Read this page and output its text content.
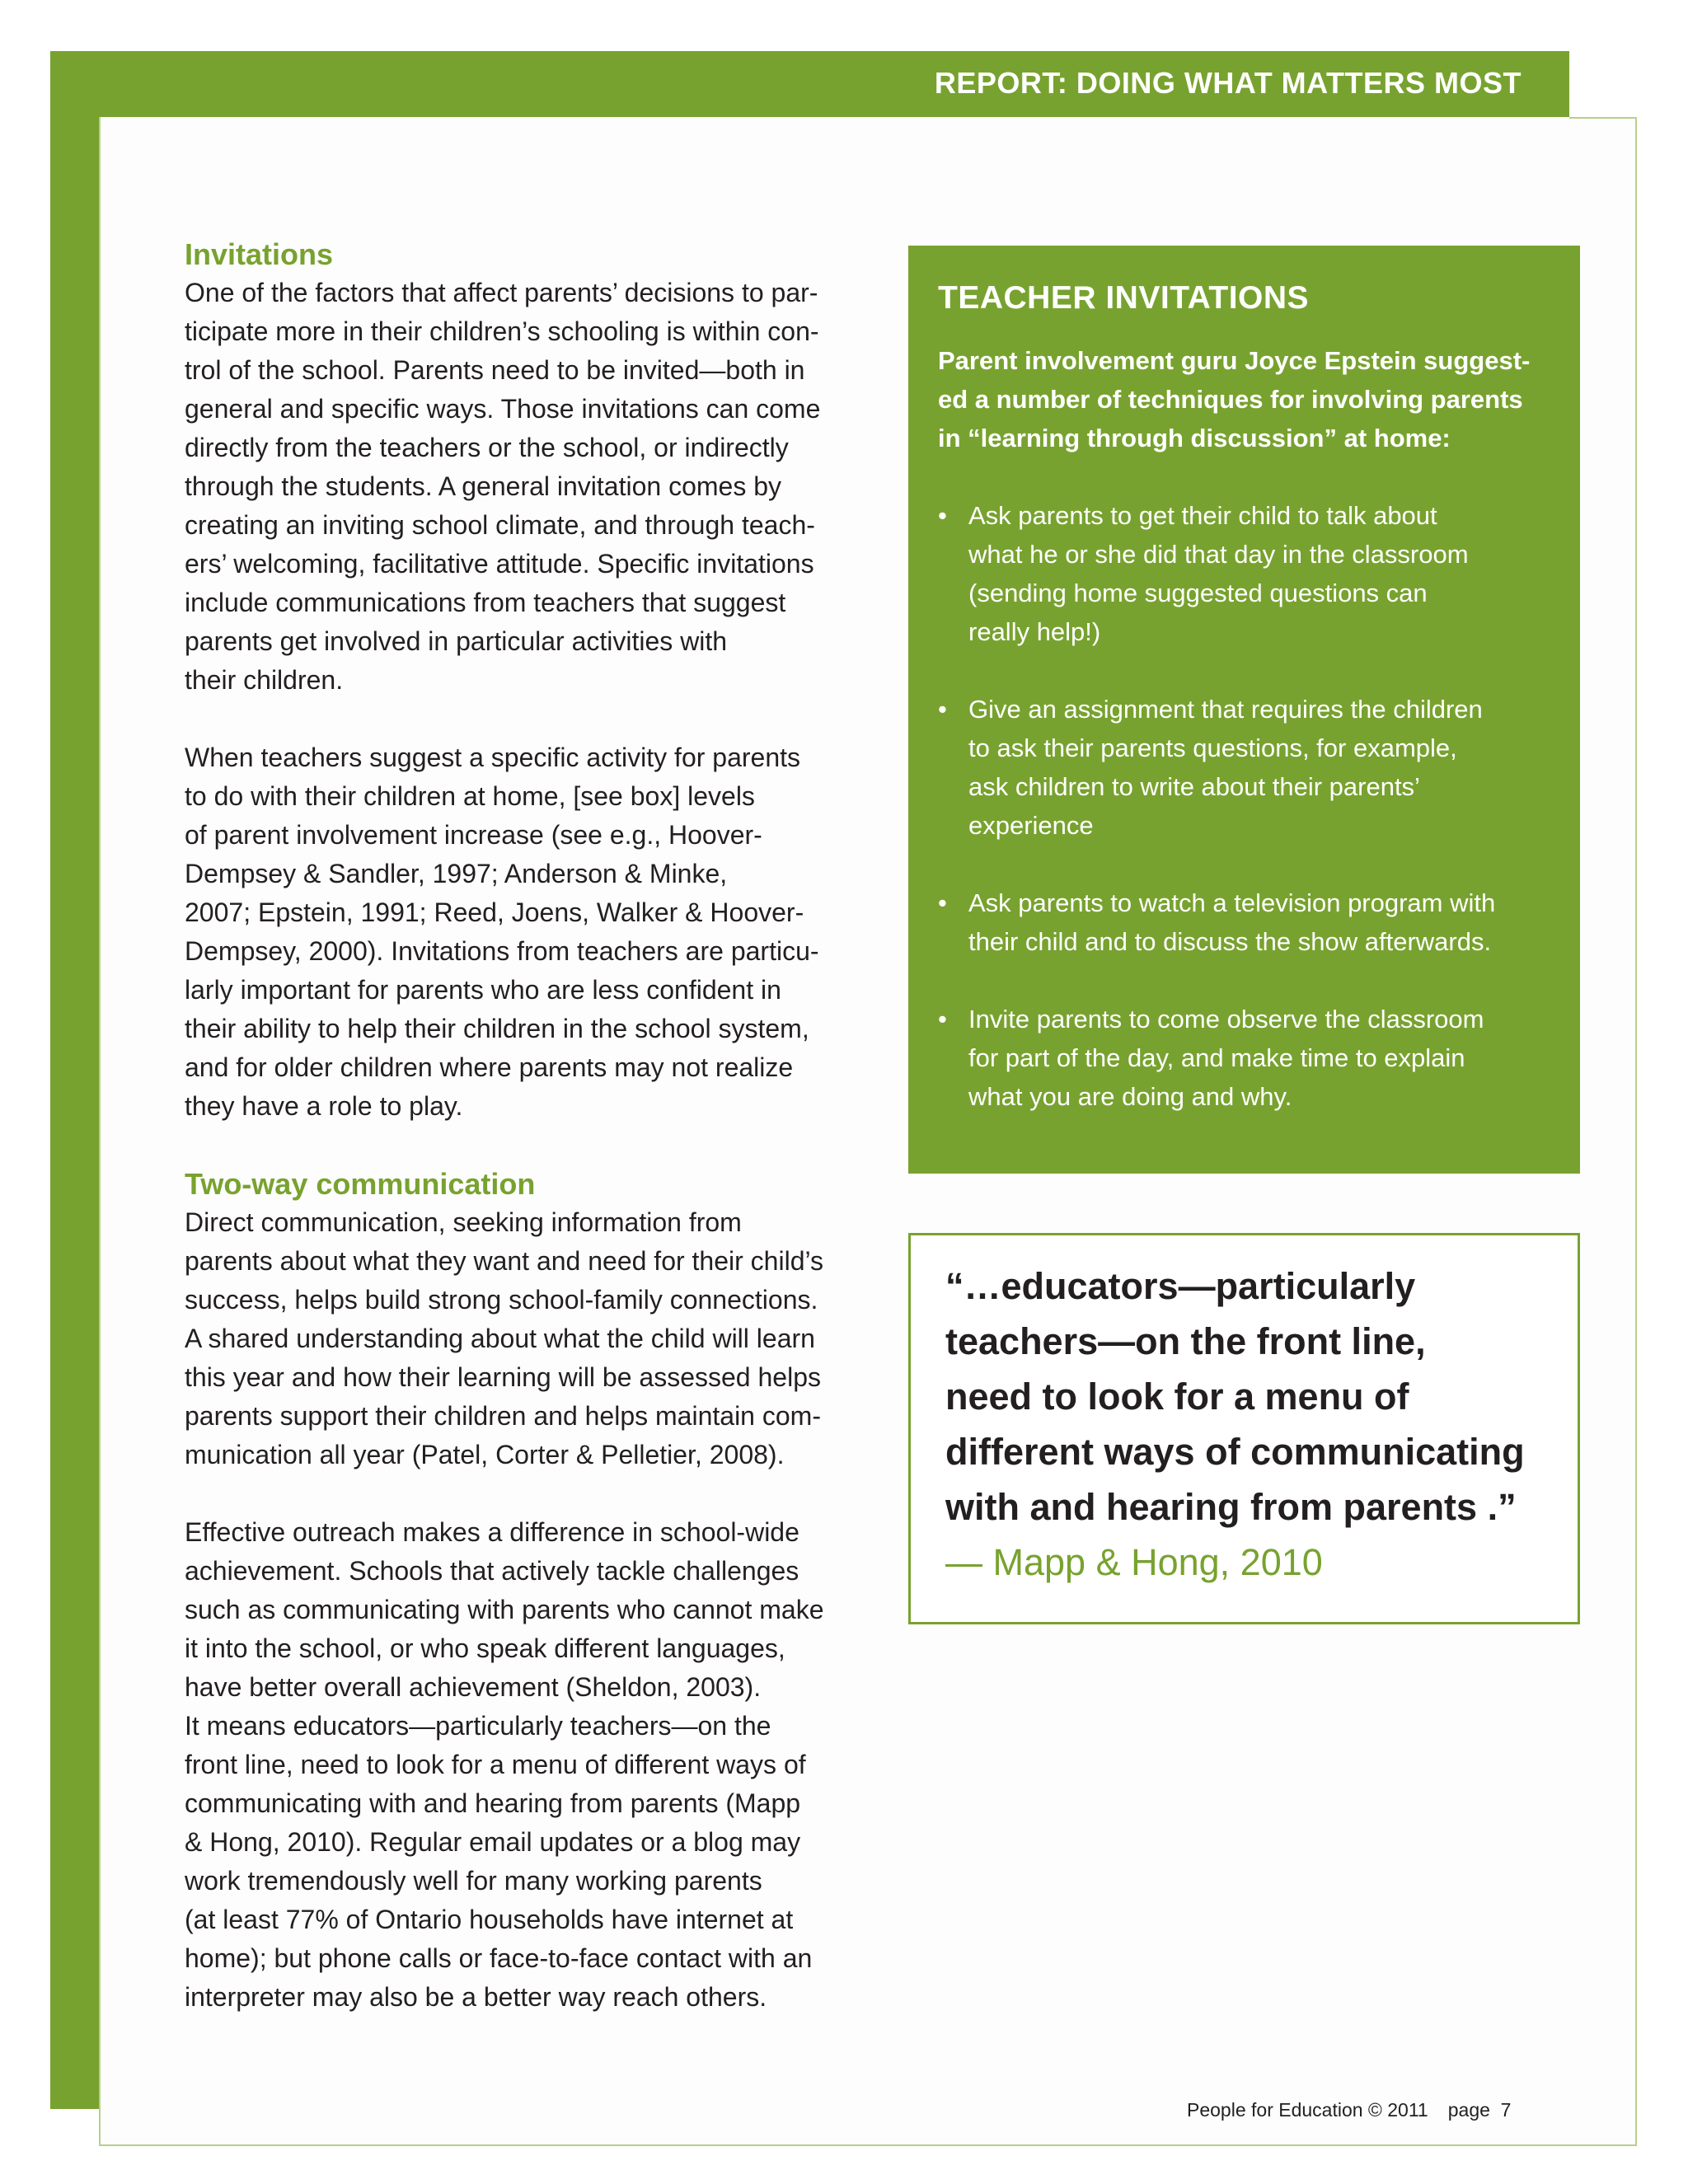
REPORT: DOING WHAT MATTERS MOST
Invitations

One of the factors that affect parents’ decisions to par-
ticipate more in their children’s schooling is within con-
trol of the school. Parents need to be invited—both in
general and specific ways. Those invitations can come
directly from the teachers or the school, or indirectly
through the students. A general invitation comes by
creating an inviting school climate, and through teach-
ers’ welcoming, facilitative attitude. Specific invitations
include communications from teachers that suggest
parents get involved in particular activities with
their children.

When teachers suggest a specific activity for parents
to do with their children at home, [see box] levels
of parent involvement increase (see e.g., Hoover-
Dempsey & Sandler, 1997; Anderson & Minke,
2007; Epstein, 1991; Reed, Joens, Walker & Hoover-
Dempsey, 2000). Invitations from teachers are particu-
larly important for parents who are less confident in
their ability to help their children in the school system,
and for older children where parents may not realize
they have a role to play.

Two-way communication

Direct communication, seeking information from
parents about what they want and need for their child’s
success, helps build strong school-family connections.
A shared understanding about what the child will learn
this year and how their learning will be assessed helps
parents support their children and helps maintain com-
munication all year (Patel, Corter & Pelletier, 2008).

Effective outreach makes a difference in school-wide
achievement. Schools that actively tackle challenges
such as communicating with parents who cannot make
it into the school, or who speak different languages,
have better overall achievement (Sheldon, 2003).
It means educators—particularly teachers—on the
front line, need to look for a menu of different ways of
communicating with and hearing from parents (Mapp
& Hong, 2010). Regular email updates or a blog may
work tremendously well for many working parents
(at least 77% of Ontario households have internet at
home); but phone calls or face-to-face contact with an
interpreter may also be a better way reach others.

TEACHER INVITATIONS
Parent involvement guru Joyce Epstein suggest-
ed a number of techniques for involving parents
in “learning through discussion” at home:
• Ask parents to get their child to talk about
what he or she did that day in the classroom
(sending home suggested questions can
really help!)
• Give an assignment that requires the children
to ask their parents questions, for example,
ask children to write about their parents’
experience
• Ask parents to watch a television program with
their child and to discuss the show afterwards.
• Invite parents to come observe the classroom
for part of the day, and make time to explain
what you are doing and why.
“…educators—particularly
teachers—on the front line,
need to look for a menu of
different ways of communicating
with and hearing from parents .”
— Mapp & Hong, 2010
People for Education © 2011 page  7
